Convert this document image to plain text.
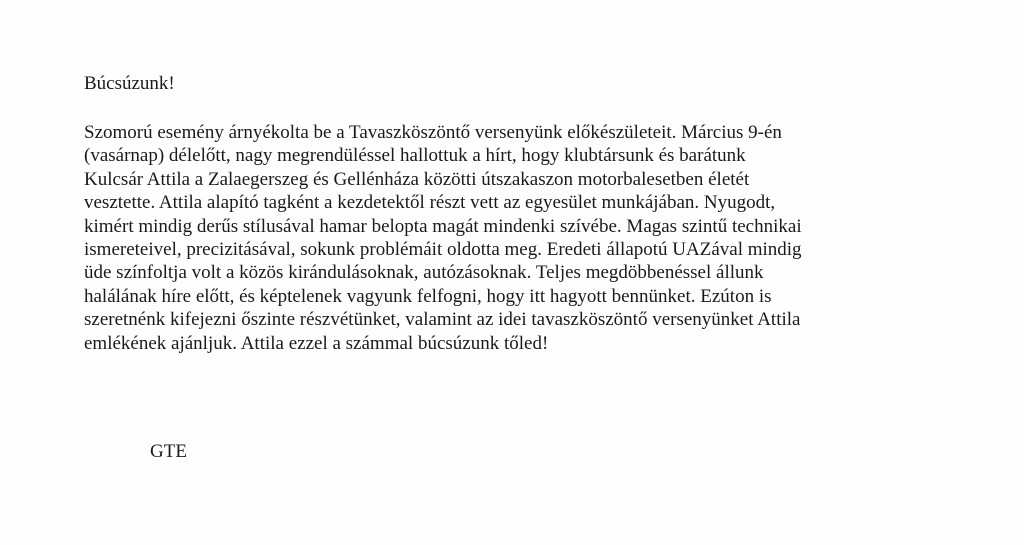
Búcsúzunk!
Szomorú esemény árnyékolta be a Tavaszköszöntő versenyünk előkészületeit. Március 9-én
(vasárnap) délelőtt, nagy megrendüléssel hallottuk a hírt, hogy klubtársunk és barátunk
Kulcsár Attila a Zalaegerszeg és Gellénháza közötti útszakaszon motorbalesetben életét
vesztette. Attila alapító tagként a kezdetektől részt vett az egyesület munkájában. Nyugodt,
kimért mindig derűs stílusával hamar belopta magát mindenki szívébe. Magas szintű technikai
ismereteivel, precizitásával, sokunk problémáit oldotta meg. Eredeti állapotú UAZával mindig
üde színfoltja volt a közös kirándulásoknak, autózásoknak. Teljes megdöbbenéssel állunk
halálának híre előtt, és képtelenek vagyunk felfogni, hogy itt hagyott bennünket. Ezúton is
szeretnénk kifejezni őszinte részvétünket, valamint az idei tavaszköszöntő versenyünket Attila
emlékének ajánljuk. Attila ezzel a számmal búcsúzunk tőled!
GTE
